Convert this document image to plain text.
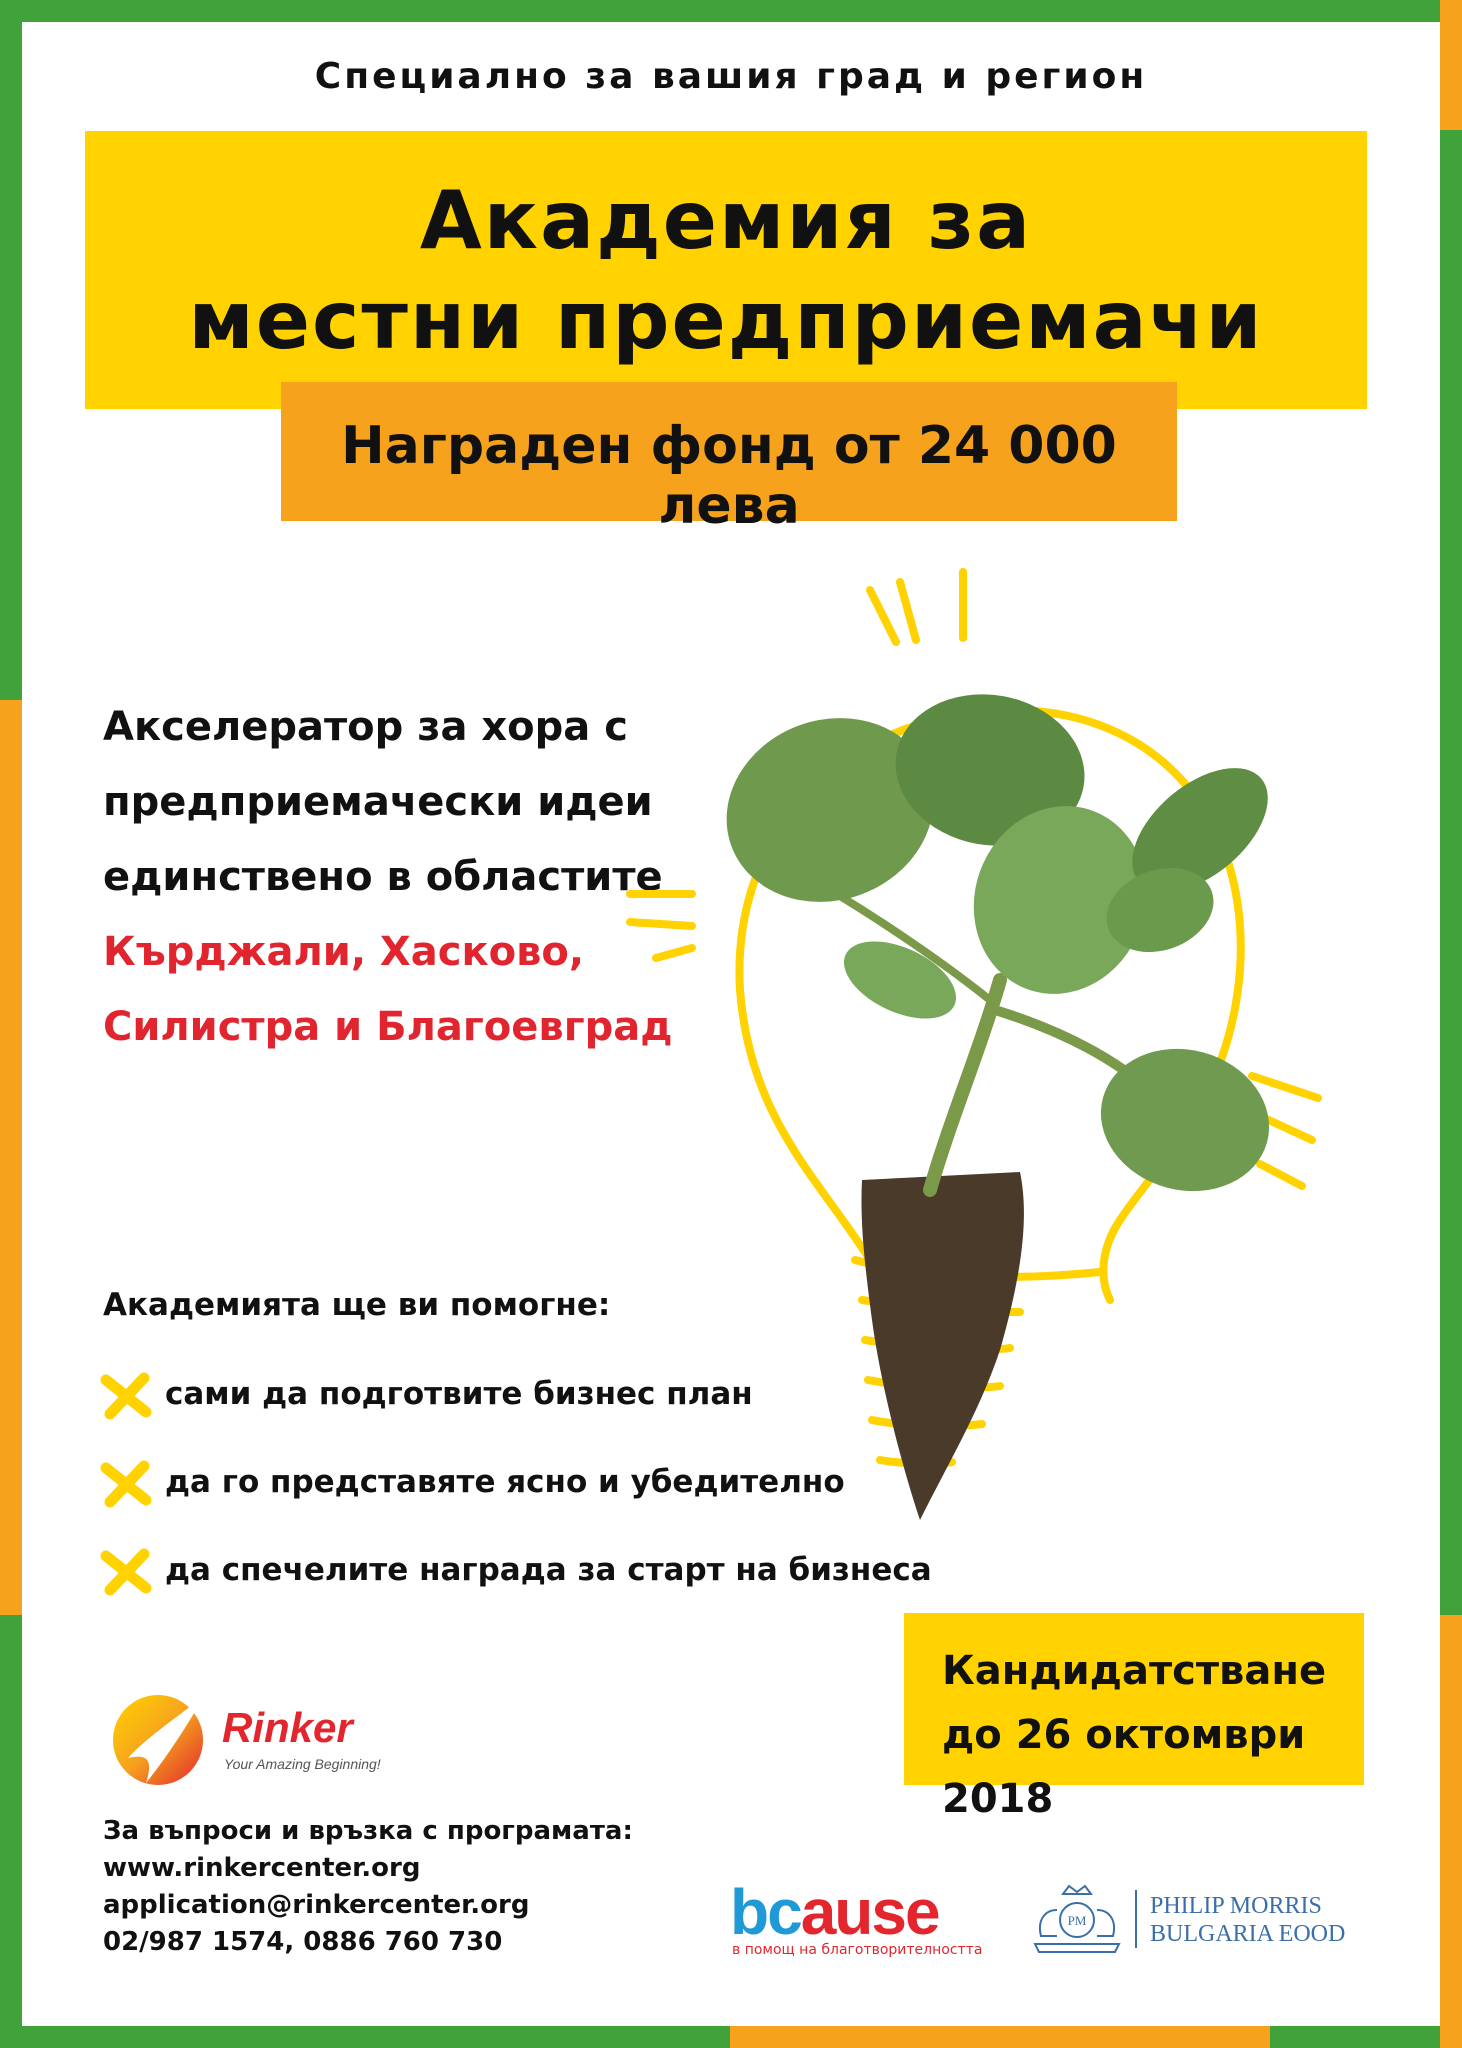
Специално за вашия град и регион
Академия за
местни предприемачи
Награден фонд от 24 000 лева
Акселератор за хора с
предприемачески идеи
единствено в областите
Кърджали, Хасково,
Силистра и Благоевград
Академията ще ви помогне:
сами да подготвите бизнес план
да го представяте ясно и убедително
да спечелите награда за старт на бизнеса
Кандидатстване
до 26 октомври 2018
Rinker
Your Amazing Beginning!
За въпроси и връзка с програмата:
www.rinkercenter.org
application@rinkercenter.org
02/987 1574, 0886 760 730	bcause
в помощ на благотворителността
PM
PHILIP MORRIS
BULGARIA EOOD
